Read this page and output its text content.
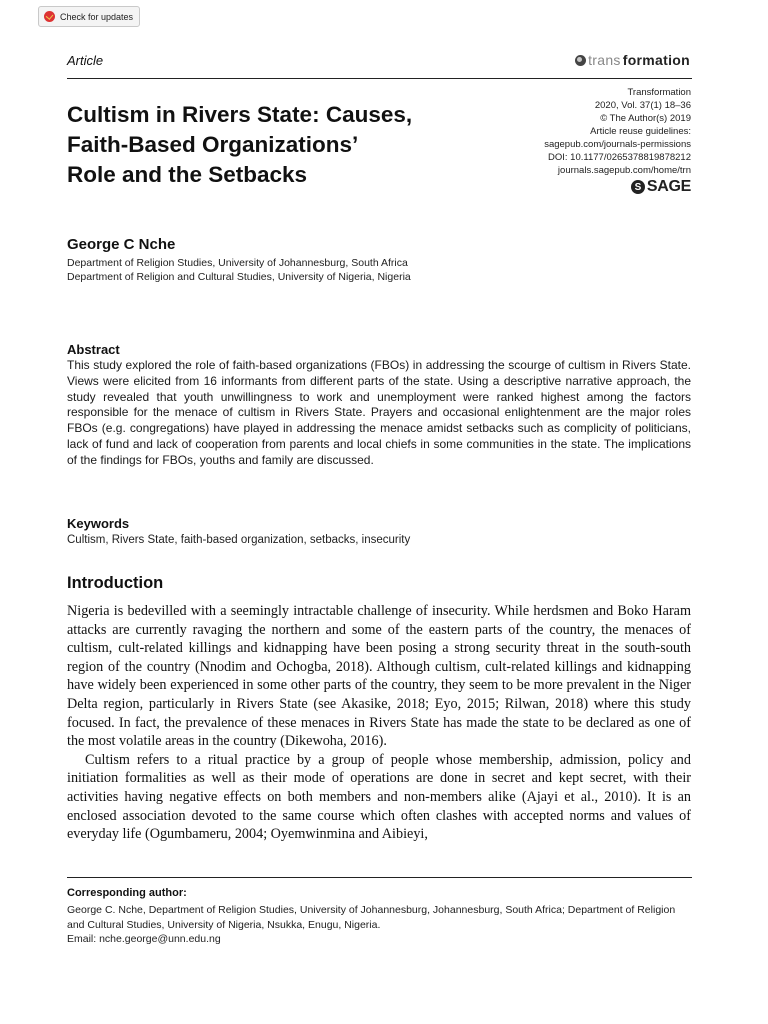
Check for updates
Article	trans formation
Cultism in Rivers State: Causes,
Faith-Based Organizations’
Role and the Setbacks
Transformation
2020, Vol. 37(1) 18–36
© The Author(s) 2019
Article reuse guidelines:
sagepub.com/journals-permissions
DOI: 10.1177/0265378819878212
journals.sagepub.com/home/trn
S SAGE
George C Nche
Department of Religion Studies, University of Johannesburg, South Africa
Department of Religion and Cultural Studies, University of Nigeria, Nigeria
Abstract
This study explored the role of faith-based organizations (FBOs) in addressing the scourge of cultism in Rivers State. Views were elicited from 16 informants from different parts of the state. Using a descriptive narrative approach, the study revealed that youth unwillingness to work and unemployment were ranked highest among the factors responsible for the menace of cultism in Rivers State. Prayers and occasional enlightenment are the major roles FBOs (e.g. congregations) have played in addressing the menace amidst setbacks such as complicity of politicians, lack of fund and lack of cooperation from parents and local chiefs in some communities in the state. The implications of the findings for FBOs, youths and family are discussed.
Keywords
Cultism, Rivers State, faith-based organization, setbacks, insecurity
Introduction

Nigeria is bedevilled with a seemingly intractable challenge of insecurity. While herdsmen and Boko Haram attacks are currently ravaging the northern and some of the eastern parts of the country, the menaces of cultism, cult-related killings and kidnapping have been posing a strong security threat in the south-south region of the country (Nnodim and Ochogba, 2018). Although cultism, cult-related killings and kidnapping have widely been experienced in some other parts of the country, they seem to be more prevalent in the Niger Delta region, particularly in Rivers State (see Akasike, 2018; Eyo, 2015; Rilwan, 2018) where this study focused. In fact, the prevalence of these menaces in Rivers State has made the state to be declared as one of the most volatile areas in the country (Dikewoha, 2016).

Cultism refers to a ritual practice by a group of people whose membership, admission, policy and initiation formalities as well as their mode of operations are done in secret and kept secret, with their activities having negative effects on both members and non-members alike (Ajayi et al., 2010). It is an enclosed association devoted to the same course which often clashes with accepted norms and values of everyday life (Ogumbameru, 2004; Oyemwinmina and Aibieyi,

Corresponding author:
George C. Nche, Department of Religion Studies, University of Johannesburg, Johannesburg, South Africa; Department of Religion and Cultural Studies, University of Nigeria, Nsukka, Enugu, Nigeria.
Email: nche.george@unn.edu.ng
